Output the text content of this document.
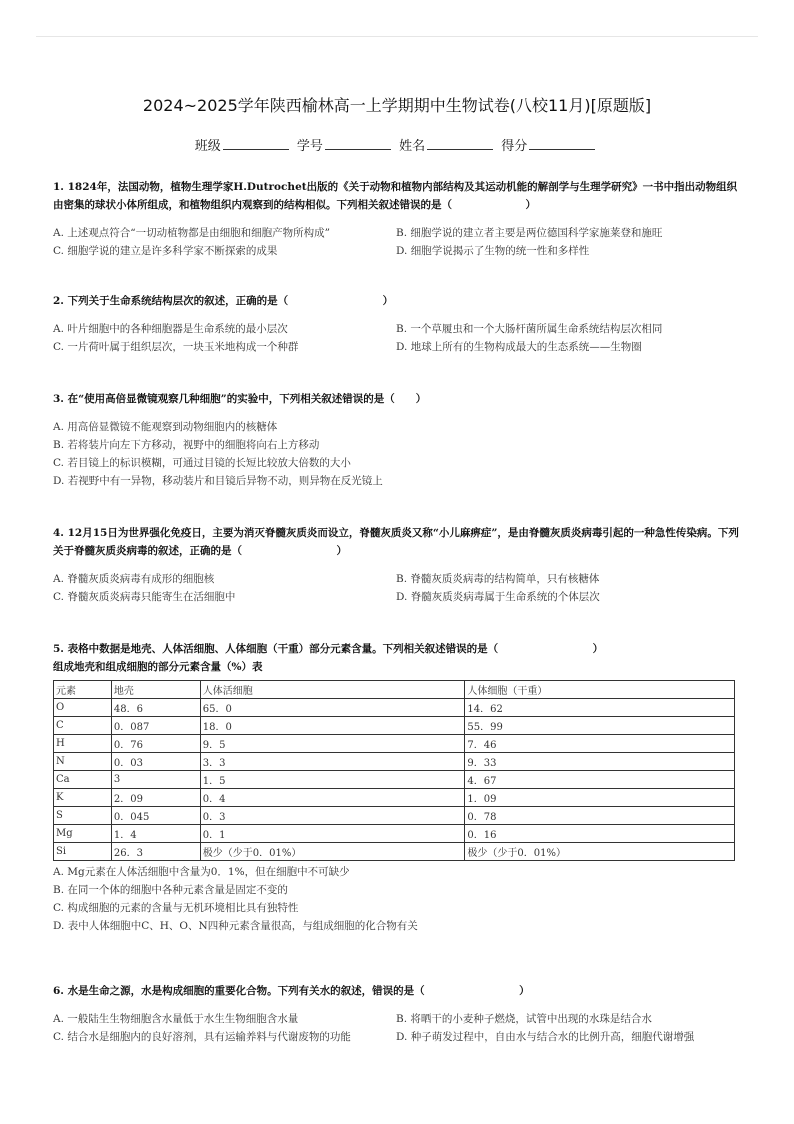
2024~2025学年陕西榆林高一上学期期中生物试卷(八校11月)[原题版]
班级	学号	姓名	得分
1. 1824年，法国动物，植物生理学家H.Dutrochet出版的《关于动物和植物内部结构及其运动机能的解剖学与生理学研究》一书中指出动物组织由密集的球状小体所组成，和植物组织内观察到的结构相似。下列相关叙述错误的是（　　　　　　　）
A. 上述观点符合“一切动植物都是由细胞和细胞产物所构成”	B. 细胞学说的建立者主要是两位德国科学家施莱登和施旺
C. 细胞学说的建立是许多科学家不断探索的成果	D. 细胞学说揭示了生物的统一性和多样性
2. 下列关于生命系统结构层次的叙述，正确的是（　　　　　　　　　）
A. 叶片细胞中的各种细胞器是生命系统的最小层次	B. 一个草履虫和一个大肠杆菌所属生命系统结构层次相同
C. 一片荷叶属于组织层次，一块玉米地构成一个种群	D. 地球上所有的生物构成最大的生态系统——生物圈
3. 在“使用高倍显微镜观察几种细胞”的实验中，下列相关叙述错误的是（　　）
A. 用高倍显微镜不能观察到动物细胞内的核糖体
B. 若将装片向左下方移动，视野中的细胞将向右上方移动
C. 若目镜上的标识模糊，可通过目镜的长短比较放大倍数的大小
D. 若视野中有一异物，移动装片和目镜后异物不动，则异物在反光镜上
4. 12月15日为世界强化免疫日，主要为消灭脊髓灰质炎而设立，脊髓灰质炎又称“小儿麻痹症”，是由脊髓灰质炎病毒引起的一种急性传染病。下列关于脊髓灰质炎病毒的叙述，正确的是（　　　　　　　　　）
A. 脊髓灰质炎病毒有成形的细胞核	B. 脊髓灰质炎病毒的结构简单，只有核糖体
C. 脊髓灰质炎病毒只能寄生在活细胞中	D. 脊髓灰质炎病毒属于生命系统的个体层次
5. 表格中数据是地壳、人体活细胞、人体细胞（干重）部分元素含量。下列相关叙述错误的是（　　　　　　　　　）
组成地壳和组成细胞的部分元素含量（%）表
元素	地壳	人体活细胞	人体细胞（干重）
O	48．6	65．0	14．62
C	0．087	18．0	55．99
H	0．76	9．5	7．46
N	0．03	3．3	9．33
Ca	3	1．5	4．67
K	2．09	0．4	1．09
S	0．045	0．3	0．78
Mg	1．4	0．1	0．16
Si	26．3	极少（少于0．01%）	极少（少于0．01%）
A. Mg元素在人体活细胞中含量为0．1%，但在细胞中不可缺少
B. 在同一个体的细胞中各种元素含量是固定不变的
C. 构成细胞的元素的含量与无机环境相比具有独特性
D. 表中人体细胞中C、H、O、N四种元素含量很高，与组成细胞的化合物有关
6. 水是生命之源，水是构成细胞的重要化合物。下列有关水的叙述，错误的是（　　　　　　　　　）
A. 一般陆生生物细胞含水量低于水生生物细胞含水量	B. 将晒干的小麦种子燃烧，试管中出现的水珠是结合水
C. 结合水是细胞内的良好溶剂，具有运输养料与代谢废物的功能	D. 种子萌发过程中，自由水与结合水的比例升高，细胞代谢增强
